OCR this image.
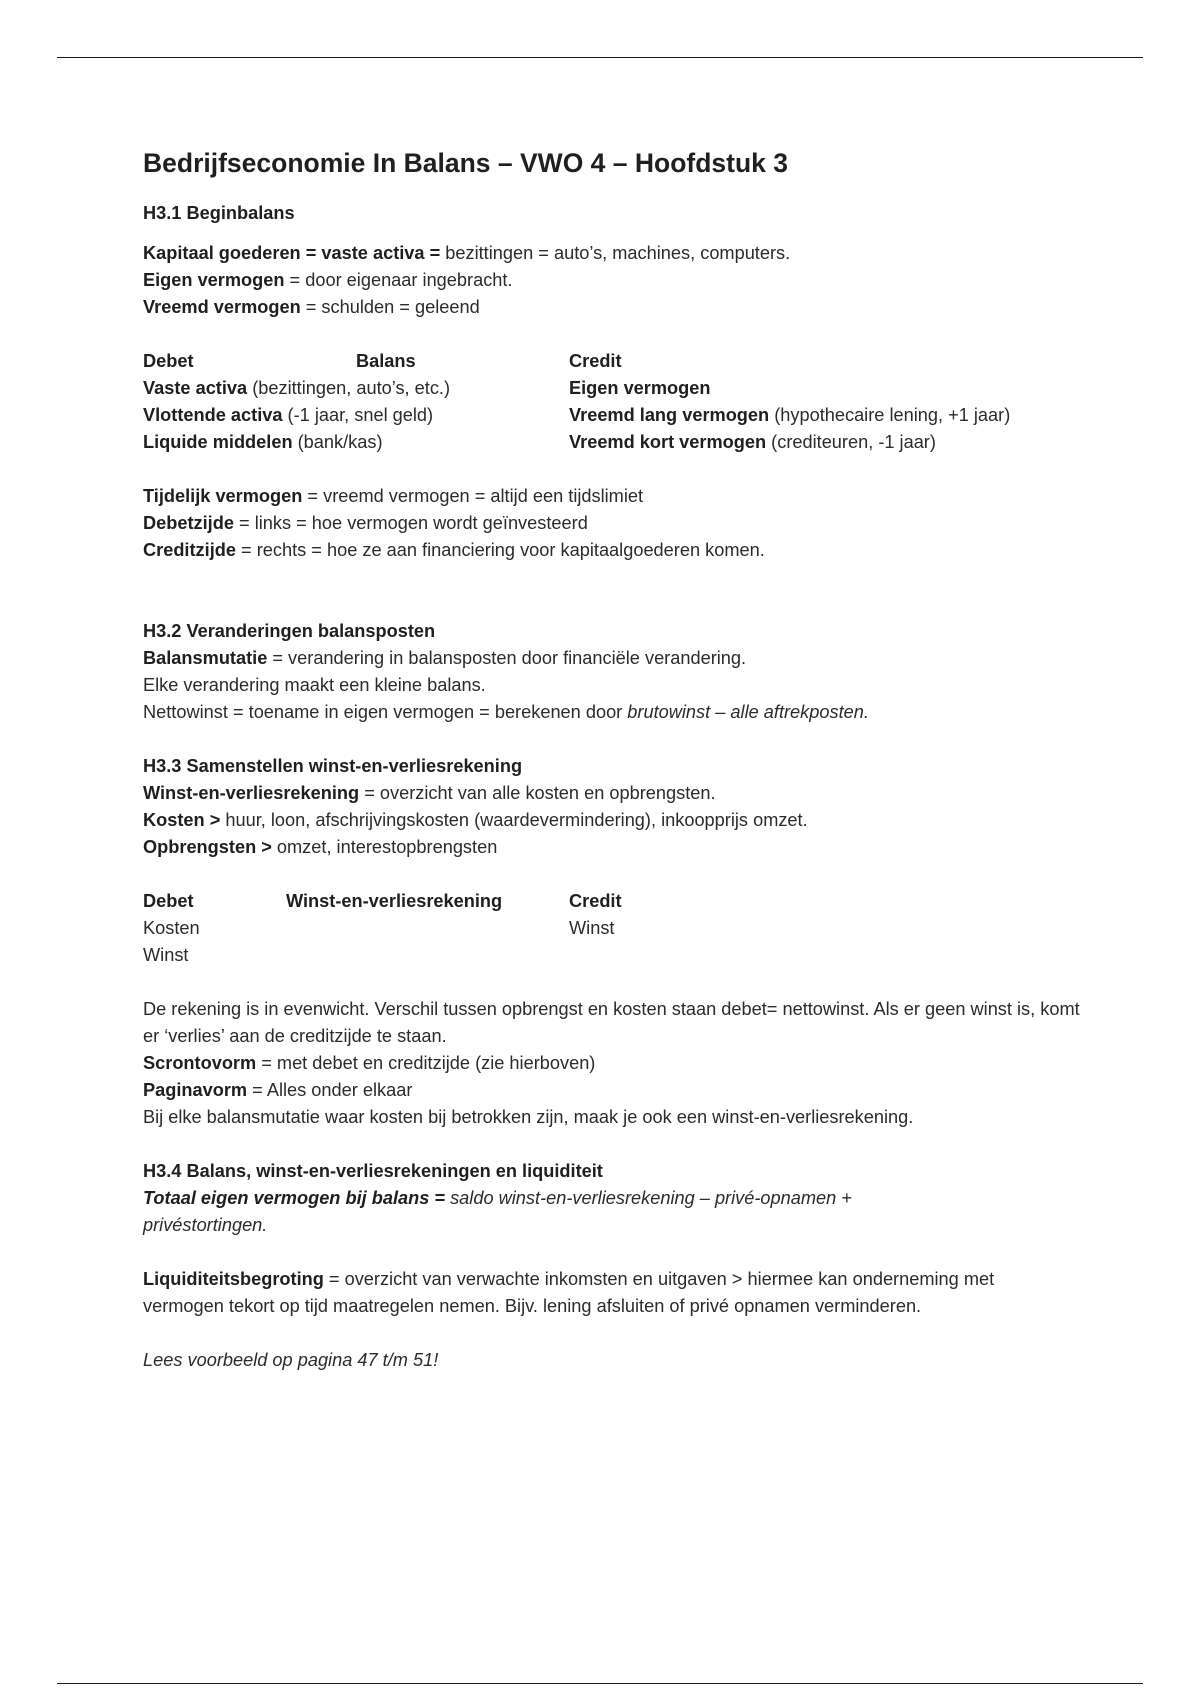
Bedrijfseconomie In Balans – VWO 4 – Hoofdstuk 3
H3.1 Beginbalans

Kapitaal goederen = vaste activa = bezittingen = auto’s, machines, computers.

Eigen vermogen = door eigenaar ingebracht.

Vreemd vermogen = schulden = geleend

Debet	Balans	Credit
Vaste activa (bezittingen, auto’s, etc.)	Eigen vermogen
Vlottende activa (-1 jaar, snel geld)	Vreemd lang vermogen (hypothecaire lening, +1 jaar)
Liquide middelen (bank/kas)	Vreemd kort vermogen (crediteuren, -1 jaar)

Tijdelijk vermogen = vreemd vermogen = altijd een tijdslimiet

Debetzijde = links = hoe vermogen wordt geïnvesteerd

Creditzijde = rechts = hoe ze aan financiering voor kapitaalgoederen komen.

H3.2 Veranderingen balansposten

Balansmutatie = verandering in balansposten door financiële verandering.

Elke verandering maakt een kleine balans.

Nettowinst = toename in eigen vermogen = berekenen door brutowinst – alle aftrekposten.

H3.3 Samenstellen winst-en-verliesrekening

Winst-en-verliesrekening = overzicht van alle kosten en opbrengsten.

Kosten > huur, loon, afschrijvingskosten (waardevermindering), inkoopprijs omzet.

Opbrengsten > omzet, interestopbrengsten

Debet	Winst-en-verliesrekening	Credit
Kosten	Winst
Winst

De rekening is in evenwicht. Verschil tussen opbrengst en kosten staan debet= nettowinst. Als er geen winst is, komt er ‘verlies’ aan de creditzijde te staan.

Scrontovorm = met debet en creditzijde (zie hierboven)

Paginavorm = Alles onder elkaar

Bij elke balansmutatie waar kosten bij betrokken zijn, maak je ook een winst-en-verliesrekening.

H3.4 Balans, winst-en-verliesrekeningen en liquiditeit

Totaal eigen vermogen bij balans = saldo winst-en-verliesrekening – privé-opnamen + privéstortingen.

Liquiditeitsbegroting = overzicht van verwachte inkomsten en uitgaven > hiermee kan onderneming met vermogen tekort op tijd maatregelen nemen. Bijv. lening afsluiten of privé opnamen verminderen.

Lees voorbeeld op pagina 47 t/m 51!
